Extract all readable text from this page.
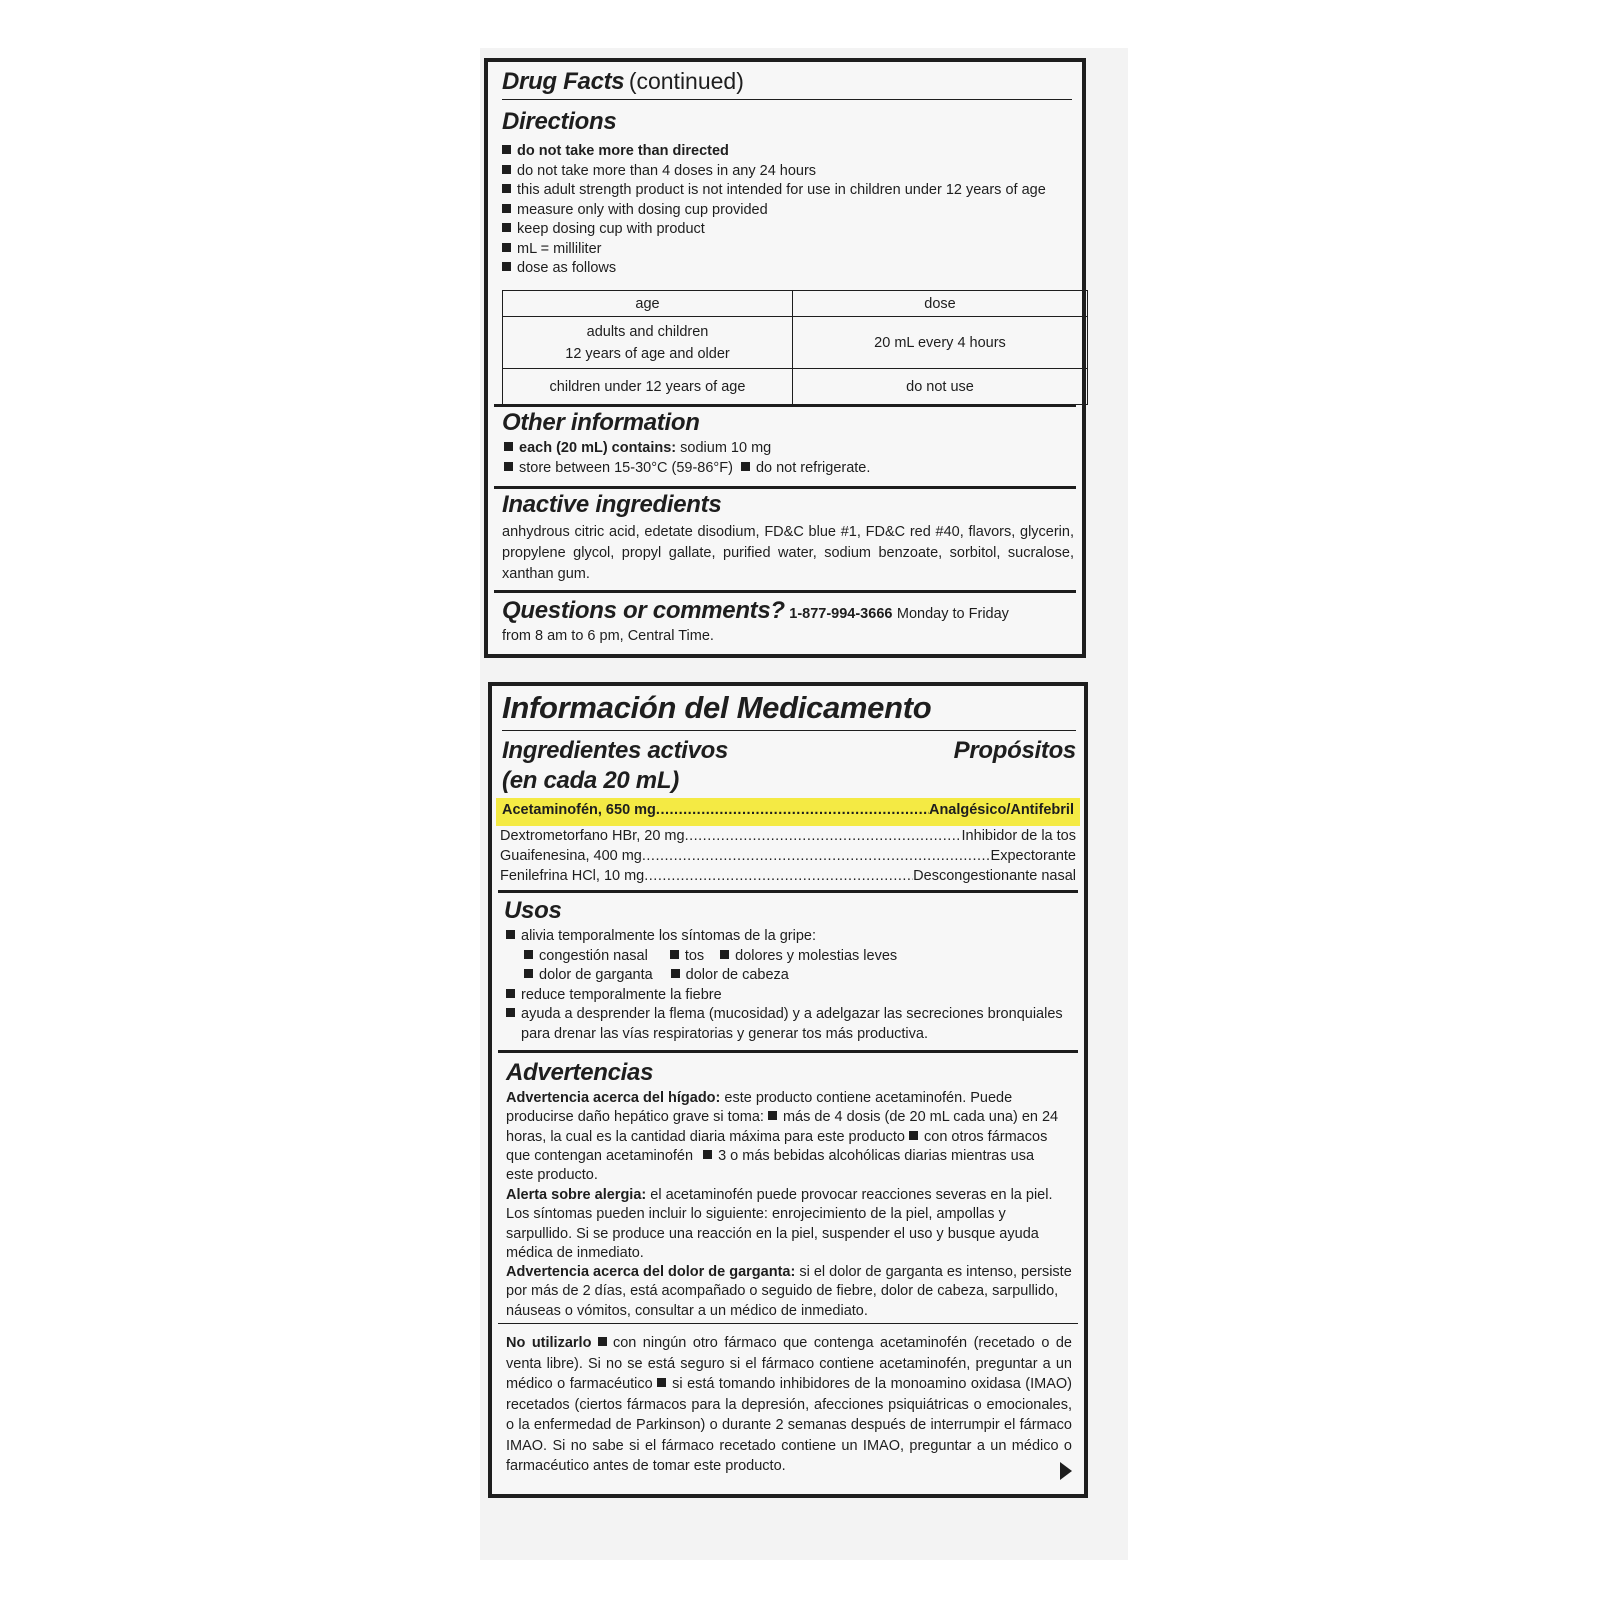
Drug Facts (continued)
Directions
do not take more than directed
do not take more than 4 doses in any 24 hours
this adult strength product is not intended for use in children under 12 years of age
measure only with dosing cup provided
keep dosing cup with product
mL = milliliter
dose as follows
age	dose
adults and children
12 years of age and older	20 mL every 4 hours
children under 12 years of age	do not use
Other information
each (20 mL) contains: sodium 10 mg
store between 15-30°C (59-86°F) do not refrigerate.
Inactive ingredients
anhydrous citric acid, edetate disodium, FD&C blue #1, FD&C red #40, flavors, glycerin, propylene glycol, propyl gallate, purified water, sodium benzoate, sorbitol, sucralose, xanthan gum.
Questions or comments? 1-877-994-3666 Monday to Friday
from 8 am to 6 pm, Central Time.
Información del Medicamento
Ingredientes activos
(en cada 20 mL)
Propósitos
Acetaminofén, 650 mg .....	Analgésico/Antifebril
Dextrometorfano HBr, 20 mg .....	Inhibidor de la tos
Guaifenesina, 400 mg .....	Expectorante
Fenilefrina HCl, 10 mg .....	Descongestionante nasal
Usos
alivia temporalmente los síntomas de la gripe:
congestión nasal	tos dolores y molestias leves
dolor de garganta dolor de cabeza
reduce temporalmente la fiebre
ayuda a desprender la flema (mucosidad) y a adelgazar las secreciones bronquiales
para drenar las vías respiratorias y generar tos más productiva.
Advertencias
Advertencia acerca del hígado: este producto contiene acetaminofén. Puede producirse daño hepático grave si toma: más de 4 dosis (de 20 mL cada una) en 24 horas, la cual es la cantidad diaria máxima para este producto con otros fármacos que contengan acetaminofén 3 o más bebidas alcohólicas diarias mientras usa este producto.
Alerta sobre alergia: el acetaminofén puede provocar reacciones severas en la piel. Los síntomas pueden incluir lo siguiente: enrojecimiento de la piel, ampollas y sarpullido. Si se produce una reacción en la piel, suspender el uso y busque ayuda médica de inmediato.
Advertencia acerca del dolor de garganta: si el dolor de garganta es intenso, persiste por más de 2 días, está acompañado o seguido de fiebre, dolor de cabeza, sarpullido, náuseas o vómitos, consultar a un médico de inmediato.
No utilizarlo con ningún otro fármaco que contenga acetaminofén (recetado o de venta libre). Si no se está seguro si el fármaco contiene acetaminofén, preguntar a un médico o farmacéutico si está tomando inhibidores de la monoamino oxidasa (IMAO) recetados (ciertos fármacos para la depresión, afecciones psiquiátricas o emocionales, o la enfermedad de Parkinson) o durante 2 semanas después de interrumpir el fármaco IMAO. Si no sabe si el fármaco recetado contiene un IMAO, preguntar a un médico o farmacéutico antes de tomar este producto.
